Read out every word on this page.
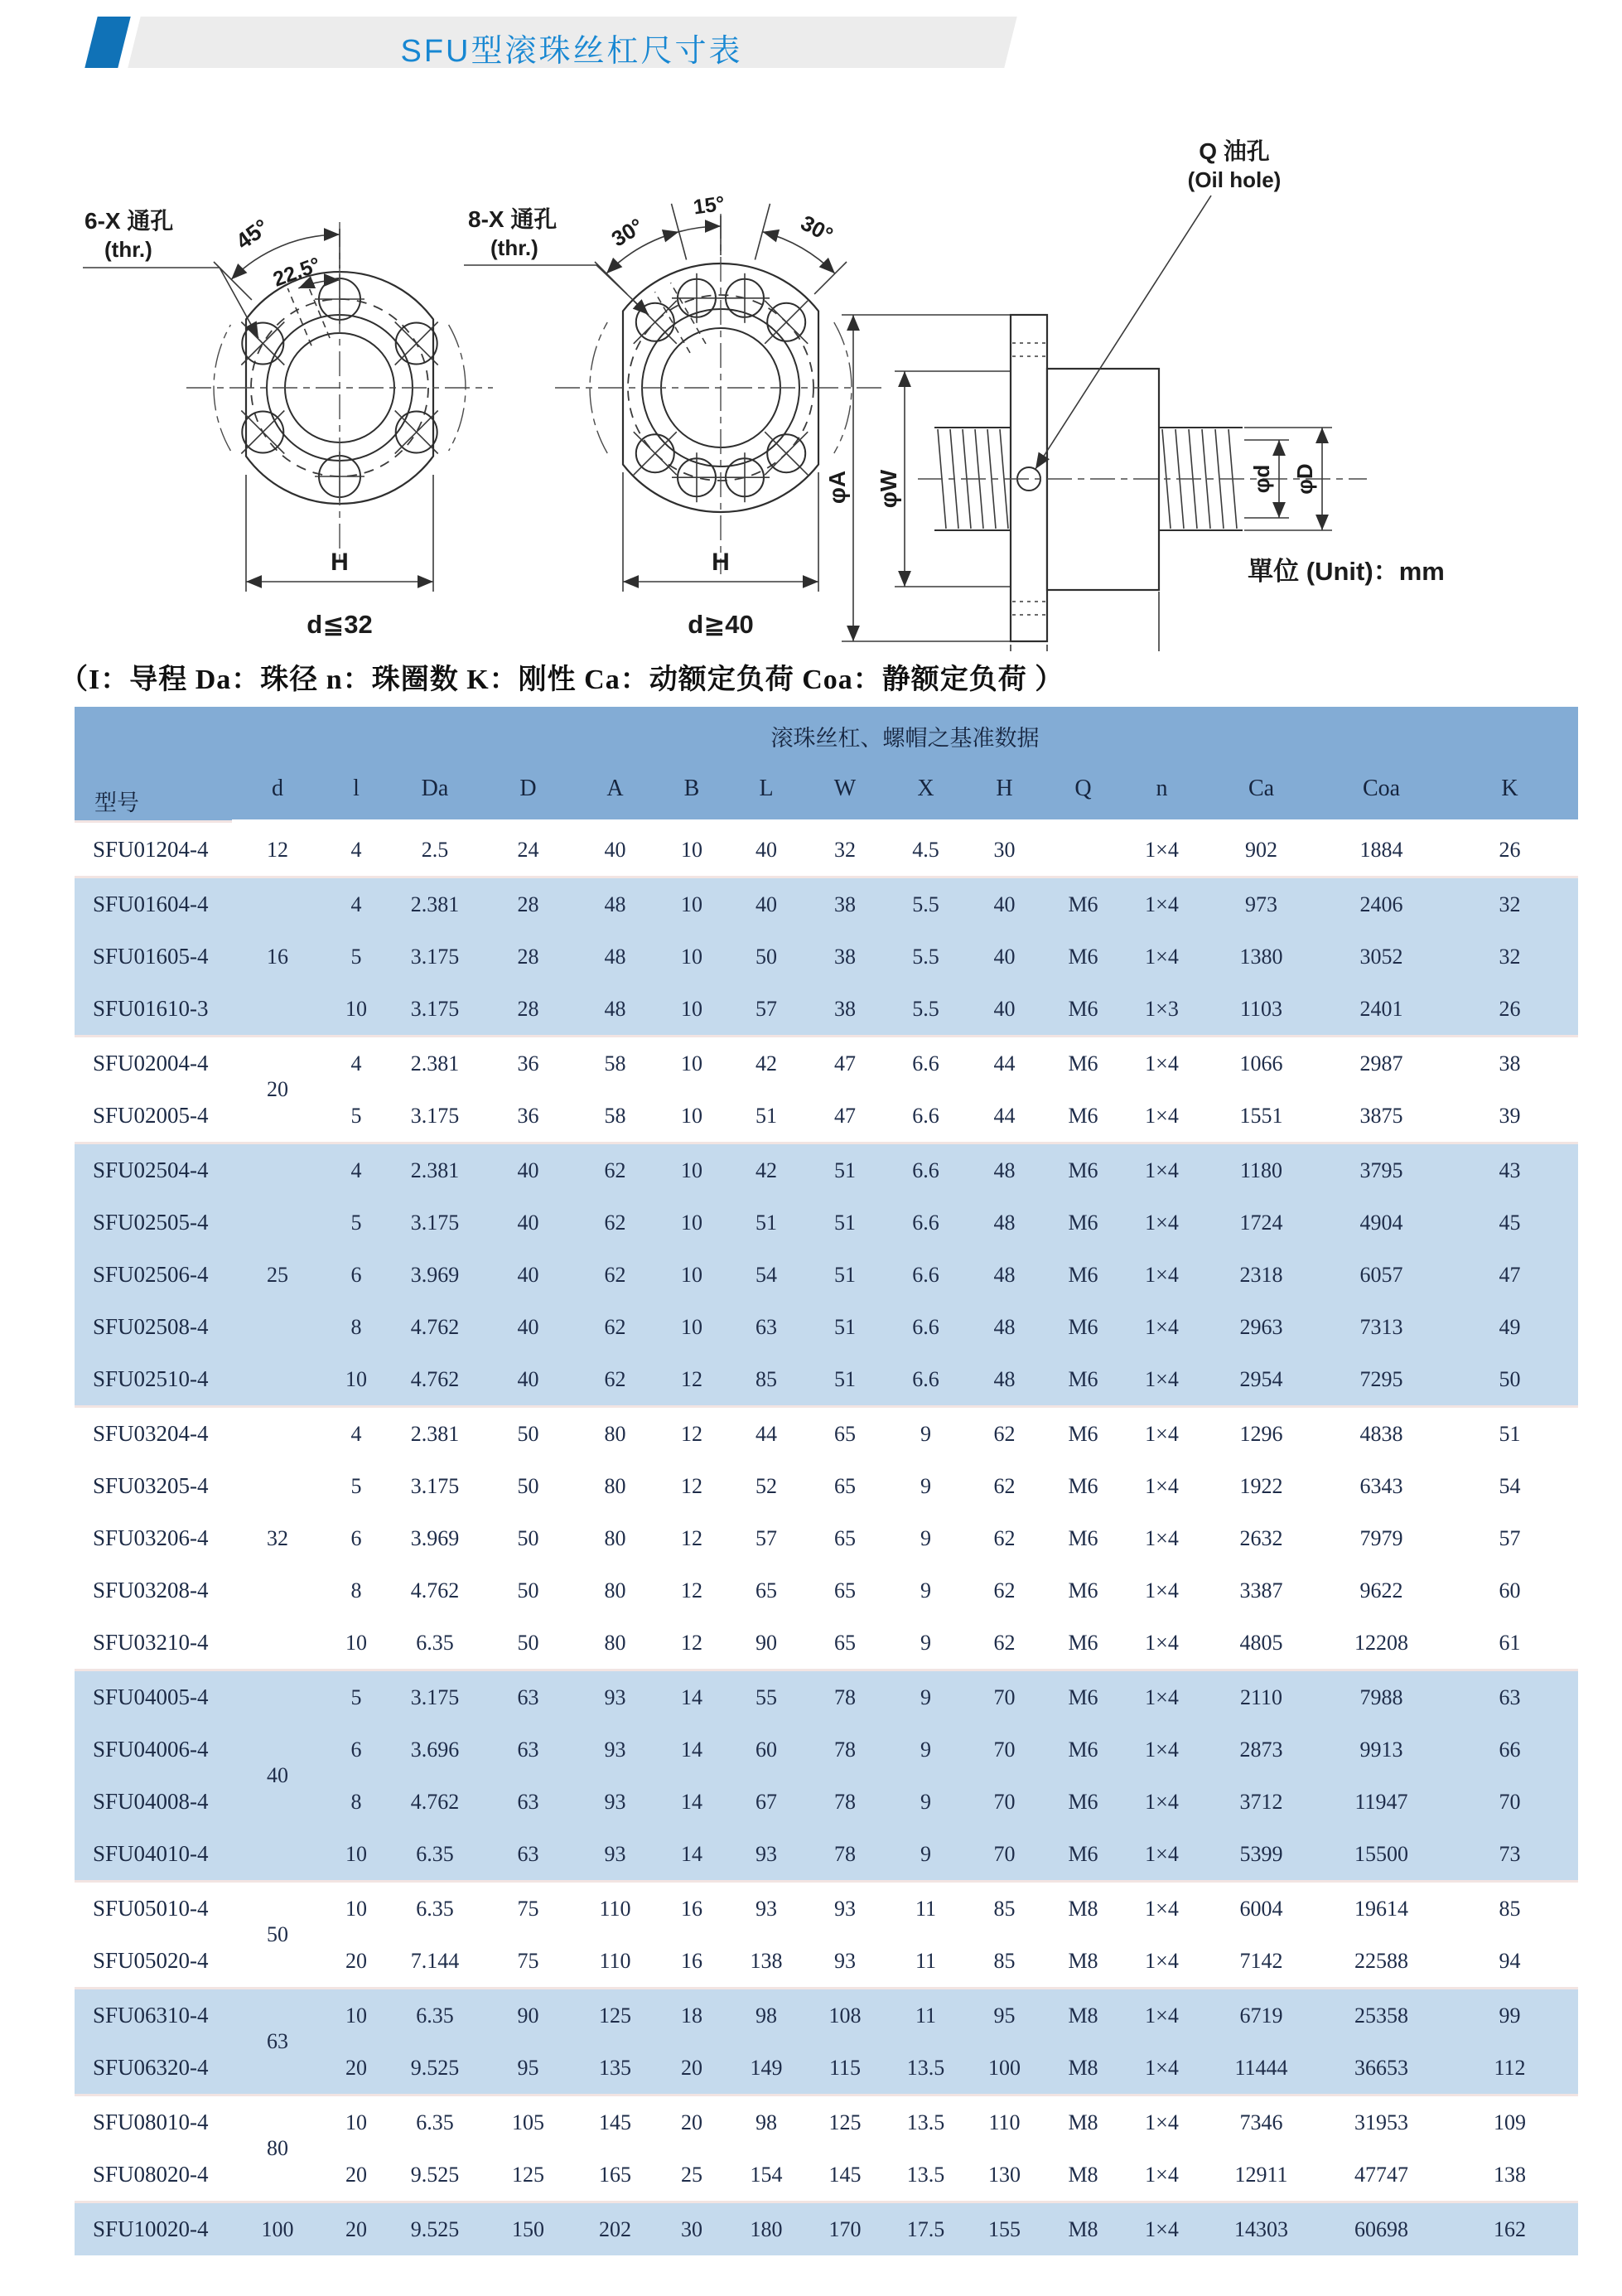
SFU型滚珠丝杠尺寸表
45°
22.5°
6-X 通孔
(thr.)
H
d≦32
30°
15°
30°
8-X 通孔
(thr.)
H
d≧40
φA φW
Q 油孔
(Oil hole)
φd φD
單位 (Unit)：mm
（I：导程 Da：珠径 n：珠圈数 K：刚性 Ca：动额定负荷 Coa：静额定负荷 ）
型号	滚珠丝杠、螺帽之基准数据														
	d	l	Da	D	A	B	L	W	X	H	Q	n	Ca	Coa	K
SFU01204-4	12	4	2.5	24	40	10	40	32	4.5	30		1×4	902	1884	26
SFU01604-4	16	4	2.381	28	48	10	40	38	5.5	40	M6	1×4	973	2406	32
SFU01605-4		5	3.175	28	48	10	50	38	5.5	40	M6	1×4	1380	3052	32
SFU01610-3		10	3.175	28	48	10	57	38	5.5	40	M6	1×3	1103	2401	26
SFU02004-4	20	4	2.381	36	58	10	42	47	6.6	44	M6	1×4	1066	2987	38
SFU02005-4		5	3.175	36	58	10	51	47	6.6	44	M6	1×4	1551	3875	39
SFU02504-4	25	4	2.381	40	62	10	42	51	6.6	48	M6	1×4	1180	3795	43
SFU02505-4		5	3.175	40	62	10	51	51	6.6	48	M6	1×4	1724	4904	45
SFU02506-4		6	3.969	40	62	10	54	51	6.6	48	M6	1×4	2318	6057	47
SFU02508-4		8	4.762	40	62	10	63	51	6.6	48	M6	1×4	2963	7313	49
SFU02510-4		10	4.762	40	62	12	85	51	6.6	48	M6	1×4	2954	7295	50
SFU03204-4	32	4	2.381	50	80	12	44	65	9	62	M6	1×4	1296	4838	51
SFU03205-4		5	3.175	50	80	12	52	65	9	62	M6	1×4	1922	6343	54
SFU03206-4		6	3.969	50	80	12	57	65	9	62	M6	1×4	2632	7979	57
SFU03208-4		8	4.762	50	80	12	65	65	9	62	M6	1×4	3387	9622	60
SFU03210-4		10	6.35	50	80	12	90	65	9	62	M6	1×4	4805	12208	61
SFU04005-4	40	5	3.175	63	93	14	55	78	9	70	M6	1×4	2110	7988	63
SFU04006-4		6	3.696	63	93	14	60	78	9	70	M6	1×4	2873	9913	66
SFU04008-4		8	4.762	63	93	14	67	78	9	70	M6	1×4	3712	11947	70
SFU04010-4		10	6.35	63	93	14	93	78	9	70	M6	1×4	5399	15500	73
SFU05010-4	50	10	6.35	75	110	16	93	93	11	85	M8	1×4	6004	19614	85
SFU05020-4		20	7.144	75	110	16	138	93	11	85	M8	1×4	7142	22588	94
SFU06310-4	63	10	6.35	90	125	18	98	108	11	95	M8	1×4	6719	25358	99
SFU06320-4		20	9.525	95	135	20	149	115	13.5	100	M8	1×4	11444	36653	112
SFU08010-4	80	10	6.35	105	145	20	98	125	13.5	110	M8	1×4	7346	31953	109
SFU08020-4		20	9.525	125	165	25	154	145	13.5	130	M8	1×4	12911	47747	138
SFU10020-4	100	20	9.525	150	202	30	180	170	17.5	155	M8	1×4	14303	60698	162
